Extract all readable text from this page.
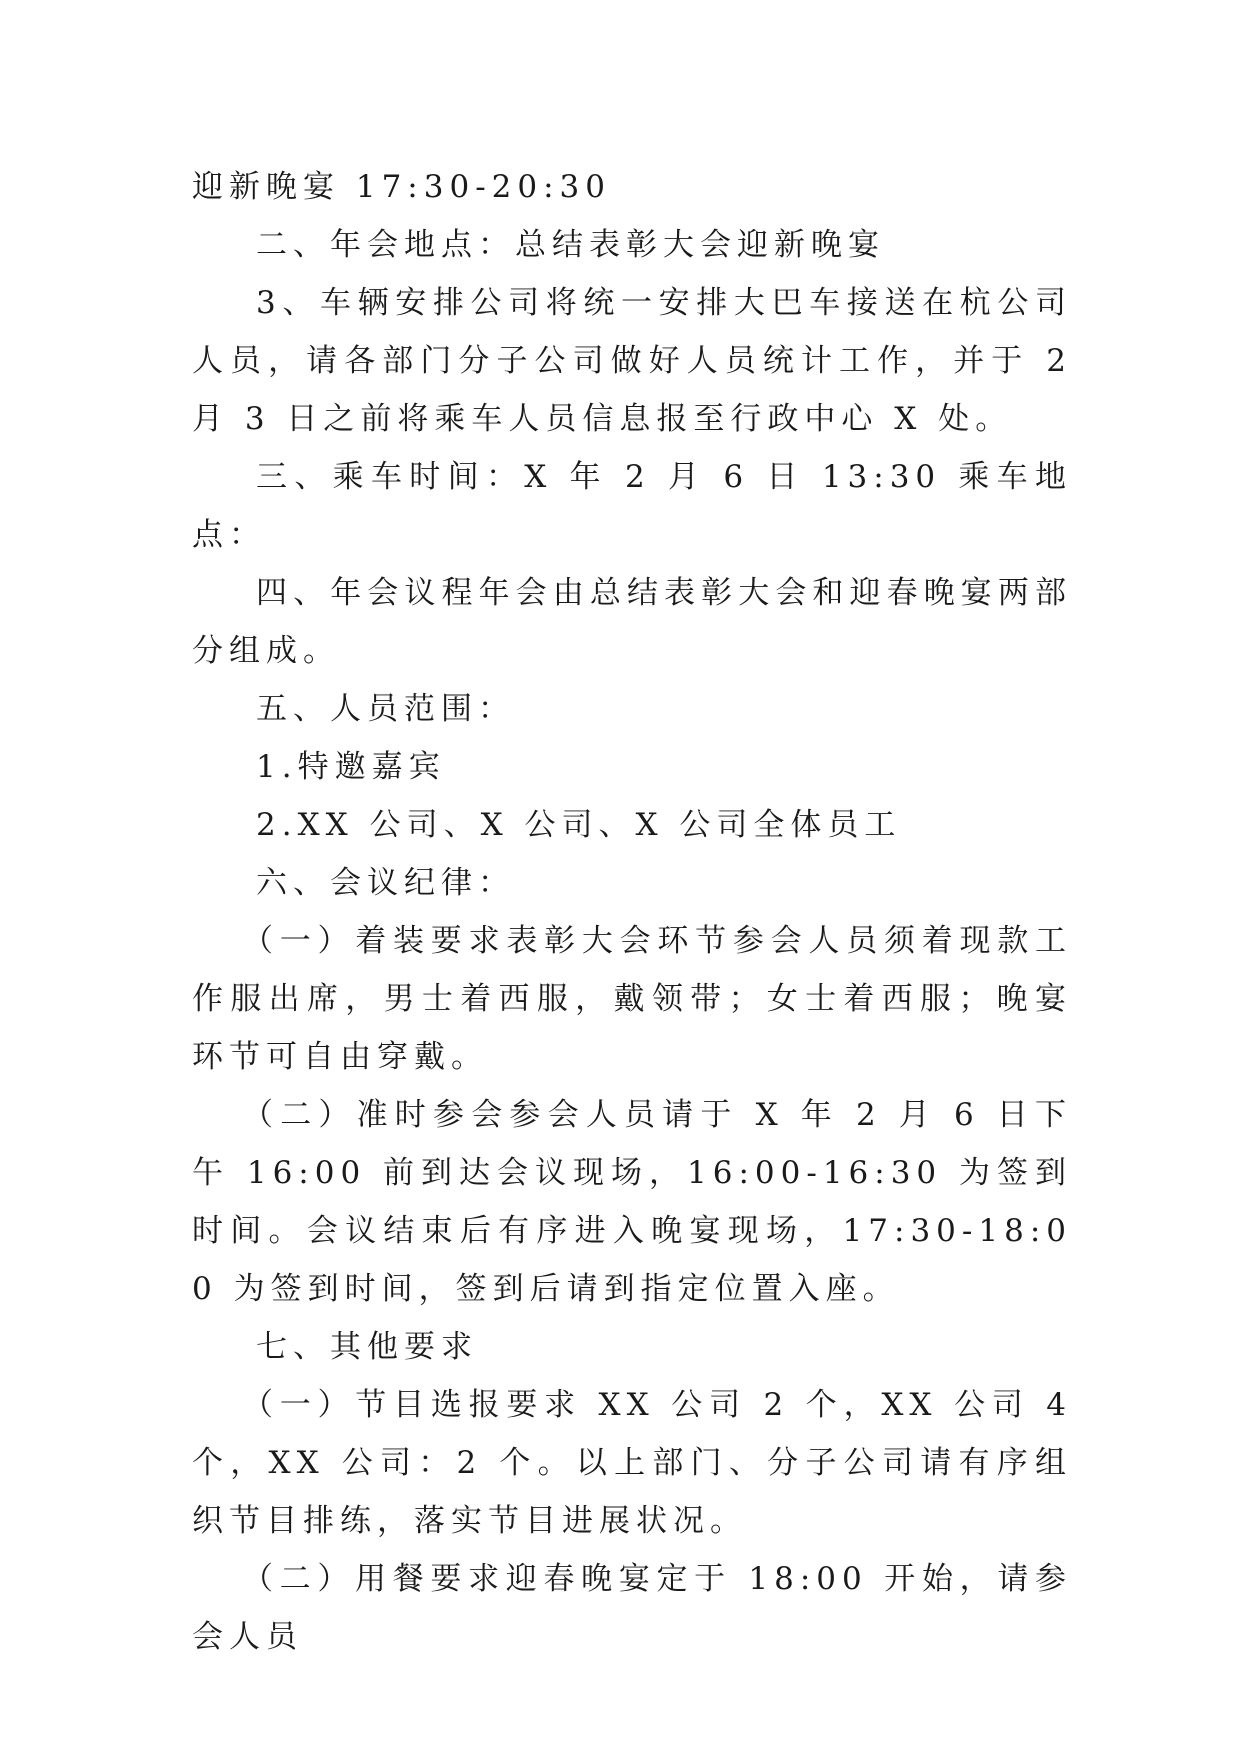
迎新晚宴 17:30-20:30

二、年会地点：总结表彰大会迎新晚宴

3、车辆安排公司将统一安排大巴车接送在杭公司人员，请各部门分子公司做好人员统计工作，并于 2 月 3 日之前将乘车人员信息报至行政中心 X 处。

三、乘车时间：X 年 2 月 6 日 13:30 乘车地点：

四、年会议程年会由总结表彰大会和迎春晚宴两部分组成。

五、人员范围：

1.特邀嘉宾

2.XX 公司、X 公司、X 公司全体员工

六、会议纪律：

（一）着装要求表彰大会环节参会人员须着现款工作服出席，男士着西服，戴领带；女士着西服；晚宴环节可自由穿戴。

（二）准时参会参会人员请于 X 年 2 月 6 日下午 16:00 前到达会议现场，16:00-16:30 为签到时间。会议结束后有序进入晚宴现场，17:30-18:00 为签到时间，签到后请到指定位置入座。

七、其他要求

（一）节目选报要求 XX 公司 2 个，XX 公司 4 个，XX 公司：2 个。以上部门、分子公司请有序组织节目排练，落实节目进展状况。

（二）用餐要求迎春晚宴定于 18:00 开始，请参会人员
